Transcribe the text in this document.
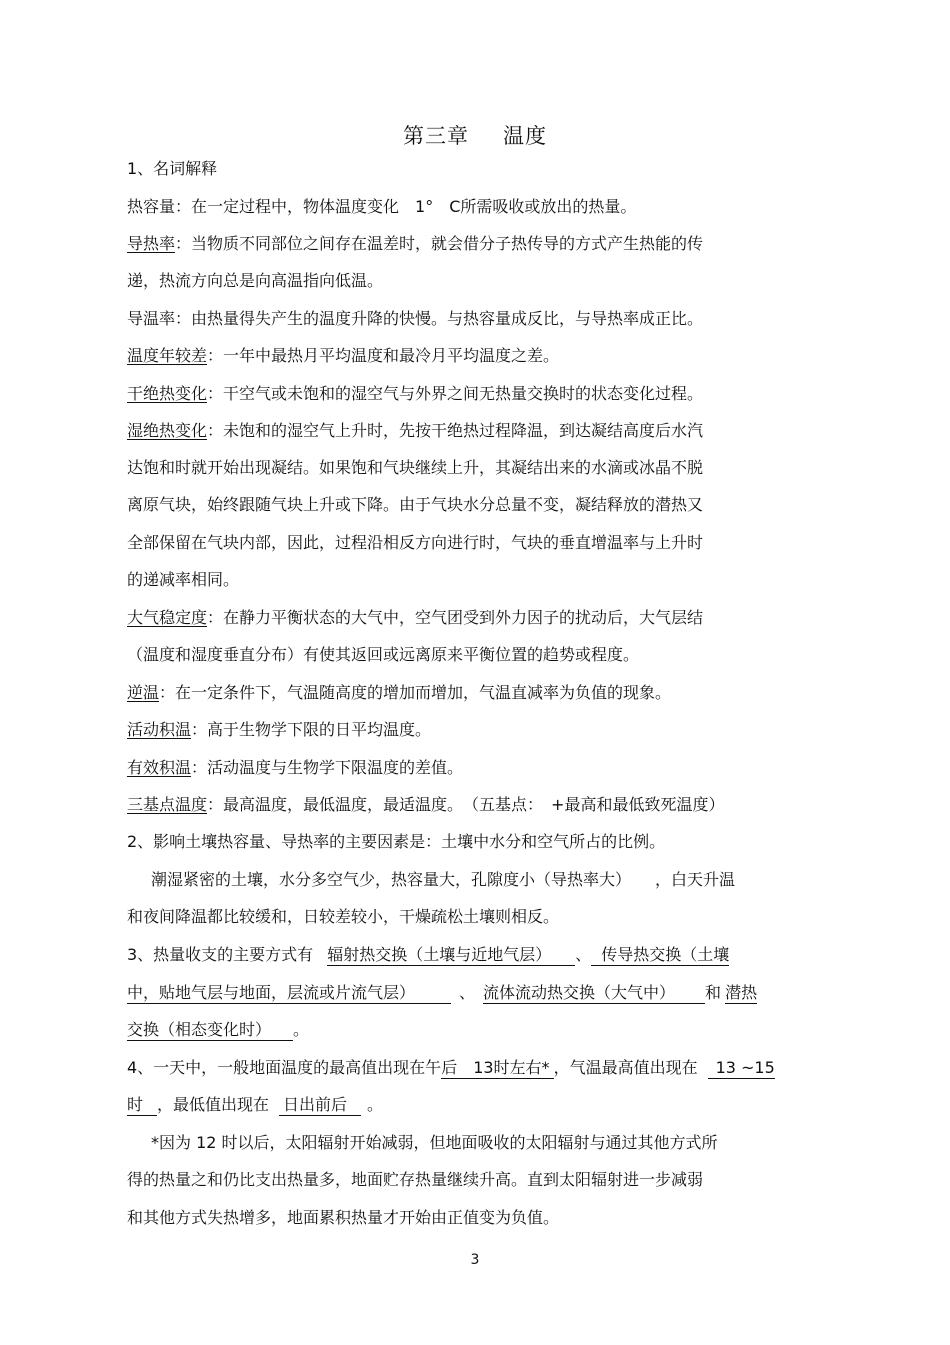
第三章 温度
1、名词解释
热容量：在一定过程中，物体温度变化　1°　C所需吸收或放出的热量。
导热率：当物质不同部位之间存在温差时，就会借分子热传导的方式产生热能的传
递，热流方向总是向高温指向低温。
导温率：由热量得失产生的温度升降的快慢。与热容量成反比，与导热率成正比。
温度年较差：一年中最热月平均温度和最冷月平均温度之差。
干绝热变化：干空气或未饱和的湿空气与外界之间无热量交换时的状态变化过程。
湿绝热变化：未饱和的湿空气上升时，先按干绝热过程降温，到达凝结高度后水汽
达饱和时就开始出现凝结。如果饱和气块继续上升，其凝结出来的水滴或冰晶不脱
离原气块，始终跟随气块上升或下降。由于气块水分总量不变，凝结释放的潜热又
全部保留在气块内部，因此，过程沿相反方向进行时，气块的垂直增温率与上升时
的递减率相同。
大气稳定度：在静力平衡状态的大气中，空气团受到外力因子的扰动后，大气层结
（温度和湿度垂直分布）有使其返回或远离原来平衡位置的趋势或程度。
逆温：在一定条件下，气温随高度的增加而增加，气温直减率为负值的现象。
活动积温：高于生物学下限的日平均温度。
有效积温：活动温度与生物学下限温度的差值。
三基点温度：最高温度，最低温度，最适温度。　（五基点：　+最高和最低致死温度）
2、影响土壤热容量、导热率的主要因素是：土壤中水分和空气所占的比例。
潮湿紧密的土壤，水分多空气少，热容量大，孔隙度小（导热率大）　　，白天升温
和夜间降温都比较缓和，日较差较小，干燥疏松土壤则相反。
3、热量收支的主要方式有 辐射热交换（土壤与近地气层） 、 传导热交换（土壤
中，贴地气层与地面，层流或片流气层）	、 流体流动热交换（大气中） 和 潜热
交换（相态变化时） 。
4、一天中，一般地面温度的最高值出现在午后　13时左右* ，气温最高值出现在 13 ~15
时 ，最低值出现在 日出前后 。
*因为 12 时以后，太阳辐射开始减弱，但地面吸收的太阳辐射与通过其他方式所
得的热量之和仍比支出热量多，地面贮存热量继续升高。直到太阳辐射进一步减弱
和其他方式失热增多，地面累积热量才开始由正值变为负值。
3
